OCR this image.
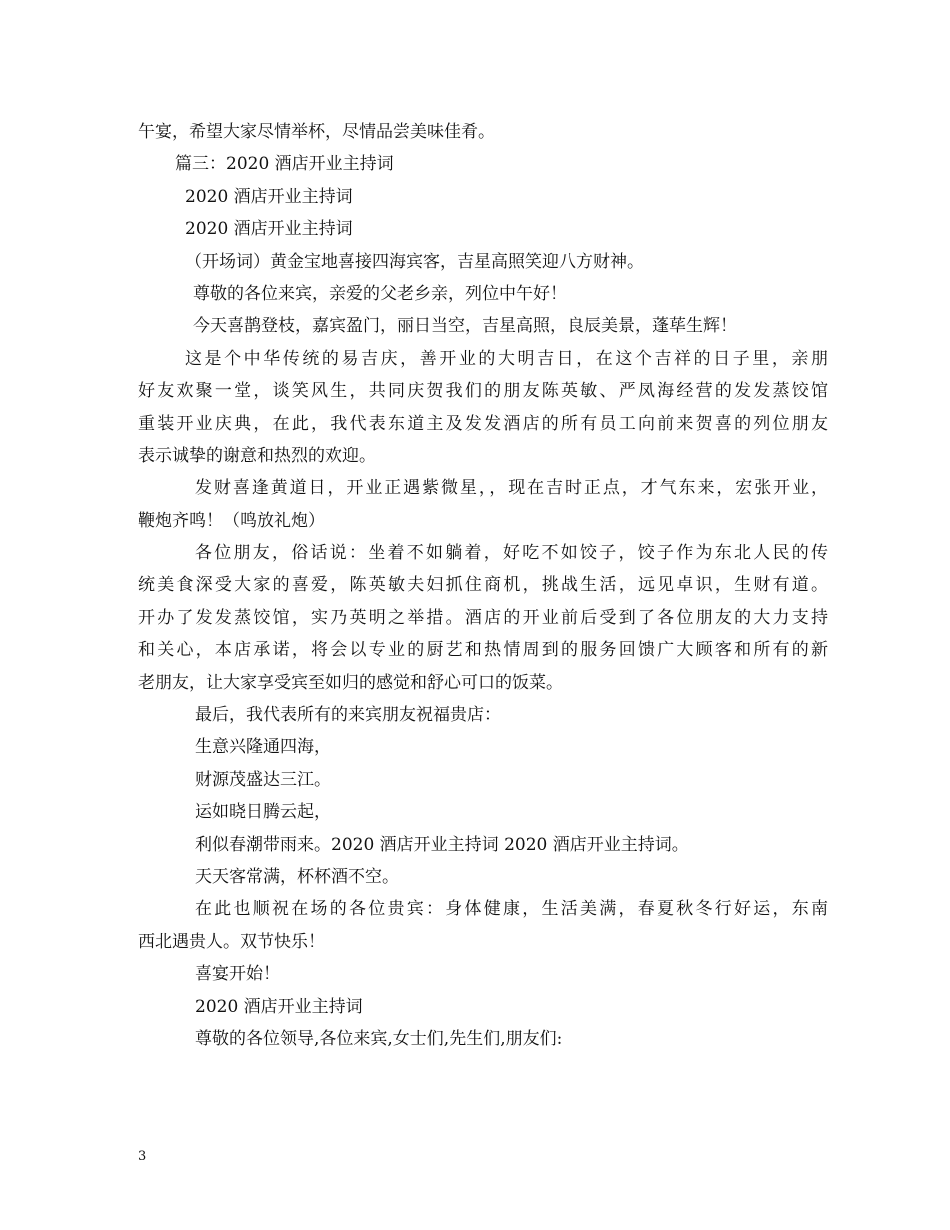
午宴，希望大家尽情举杯，尽情品尝美味佳肴。
篇三：2020 酒店开业主持词
2020 酒店开业主持词
2020 酒店开业主持词
（开场词）黄金宝地喜接四海宾客，吉星高照笑迎八方财神。
尊敬的各位来宾，亲爱的父老乡亲，列位中午好！
今天喜鹊登枝，嘉宾盈门，丽日当空，吉星高照，良辰美景，蓬荜生辉！
这是个中华传统的易吉庆，善开业的大明吉日，在这个吉祥的日子里，亲朋
好友欢聚一堂，谈笑风生，共同庆贺我们的朋友陈英敏、严凤海经营的发发蒸饺馆
重装开业庆典，在此，我代表东道主及发发酒店的所有员工向前来贺喜的列位朋友
表示诚挚的谢意和热烈的欢迎。
发财喜逢黄道日，开业正遇紫微星，，现在吉时正点，才气东来，宏张开业，
鞭炮齐鸣！（鸣放礼炮）
各位朋友，俗话说：坐着不如躺着，好吃不如饺子，饺子作为东北人民的传
统美食深受大家的喜爱，陈英敏夫妇抓住商机，挑战生活，远见卓识，生财有道。
开办了发发蒸饺馆，实乃英明之举措。酒店的开业前后受到了各位朋友的大力支持
和关心，本店承诺，将会以专业的厨艺和热情周到的服务回馈广大顾客和所有的新
老朋友，让大家享受宾至如归的感觉和舒心可口的饭菜。
最后，我代表所有的来宾朋友祝福贵店：
生意兴隆通四海，
财源茂盛达三江。
运如晓日腾云起，
利似春潮带雨来。2020 酒店开业主持词 2020 酒店开业主持词。
天天客常满，杯杯酒不空。
在此也顺祝在场的各位贵宾：身体健康，生活美满，春夏秋冬行好运，东南
西北遇贵人。双节快乐！
喜宴开始！
2020 酒店开业主持词
尊敬的各位领导,各位来宾,女士们,先生们,朋友们:
3
